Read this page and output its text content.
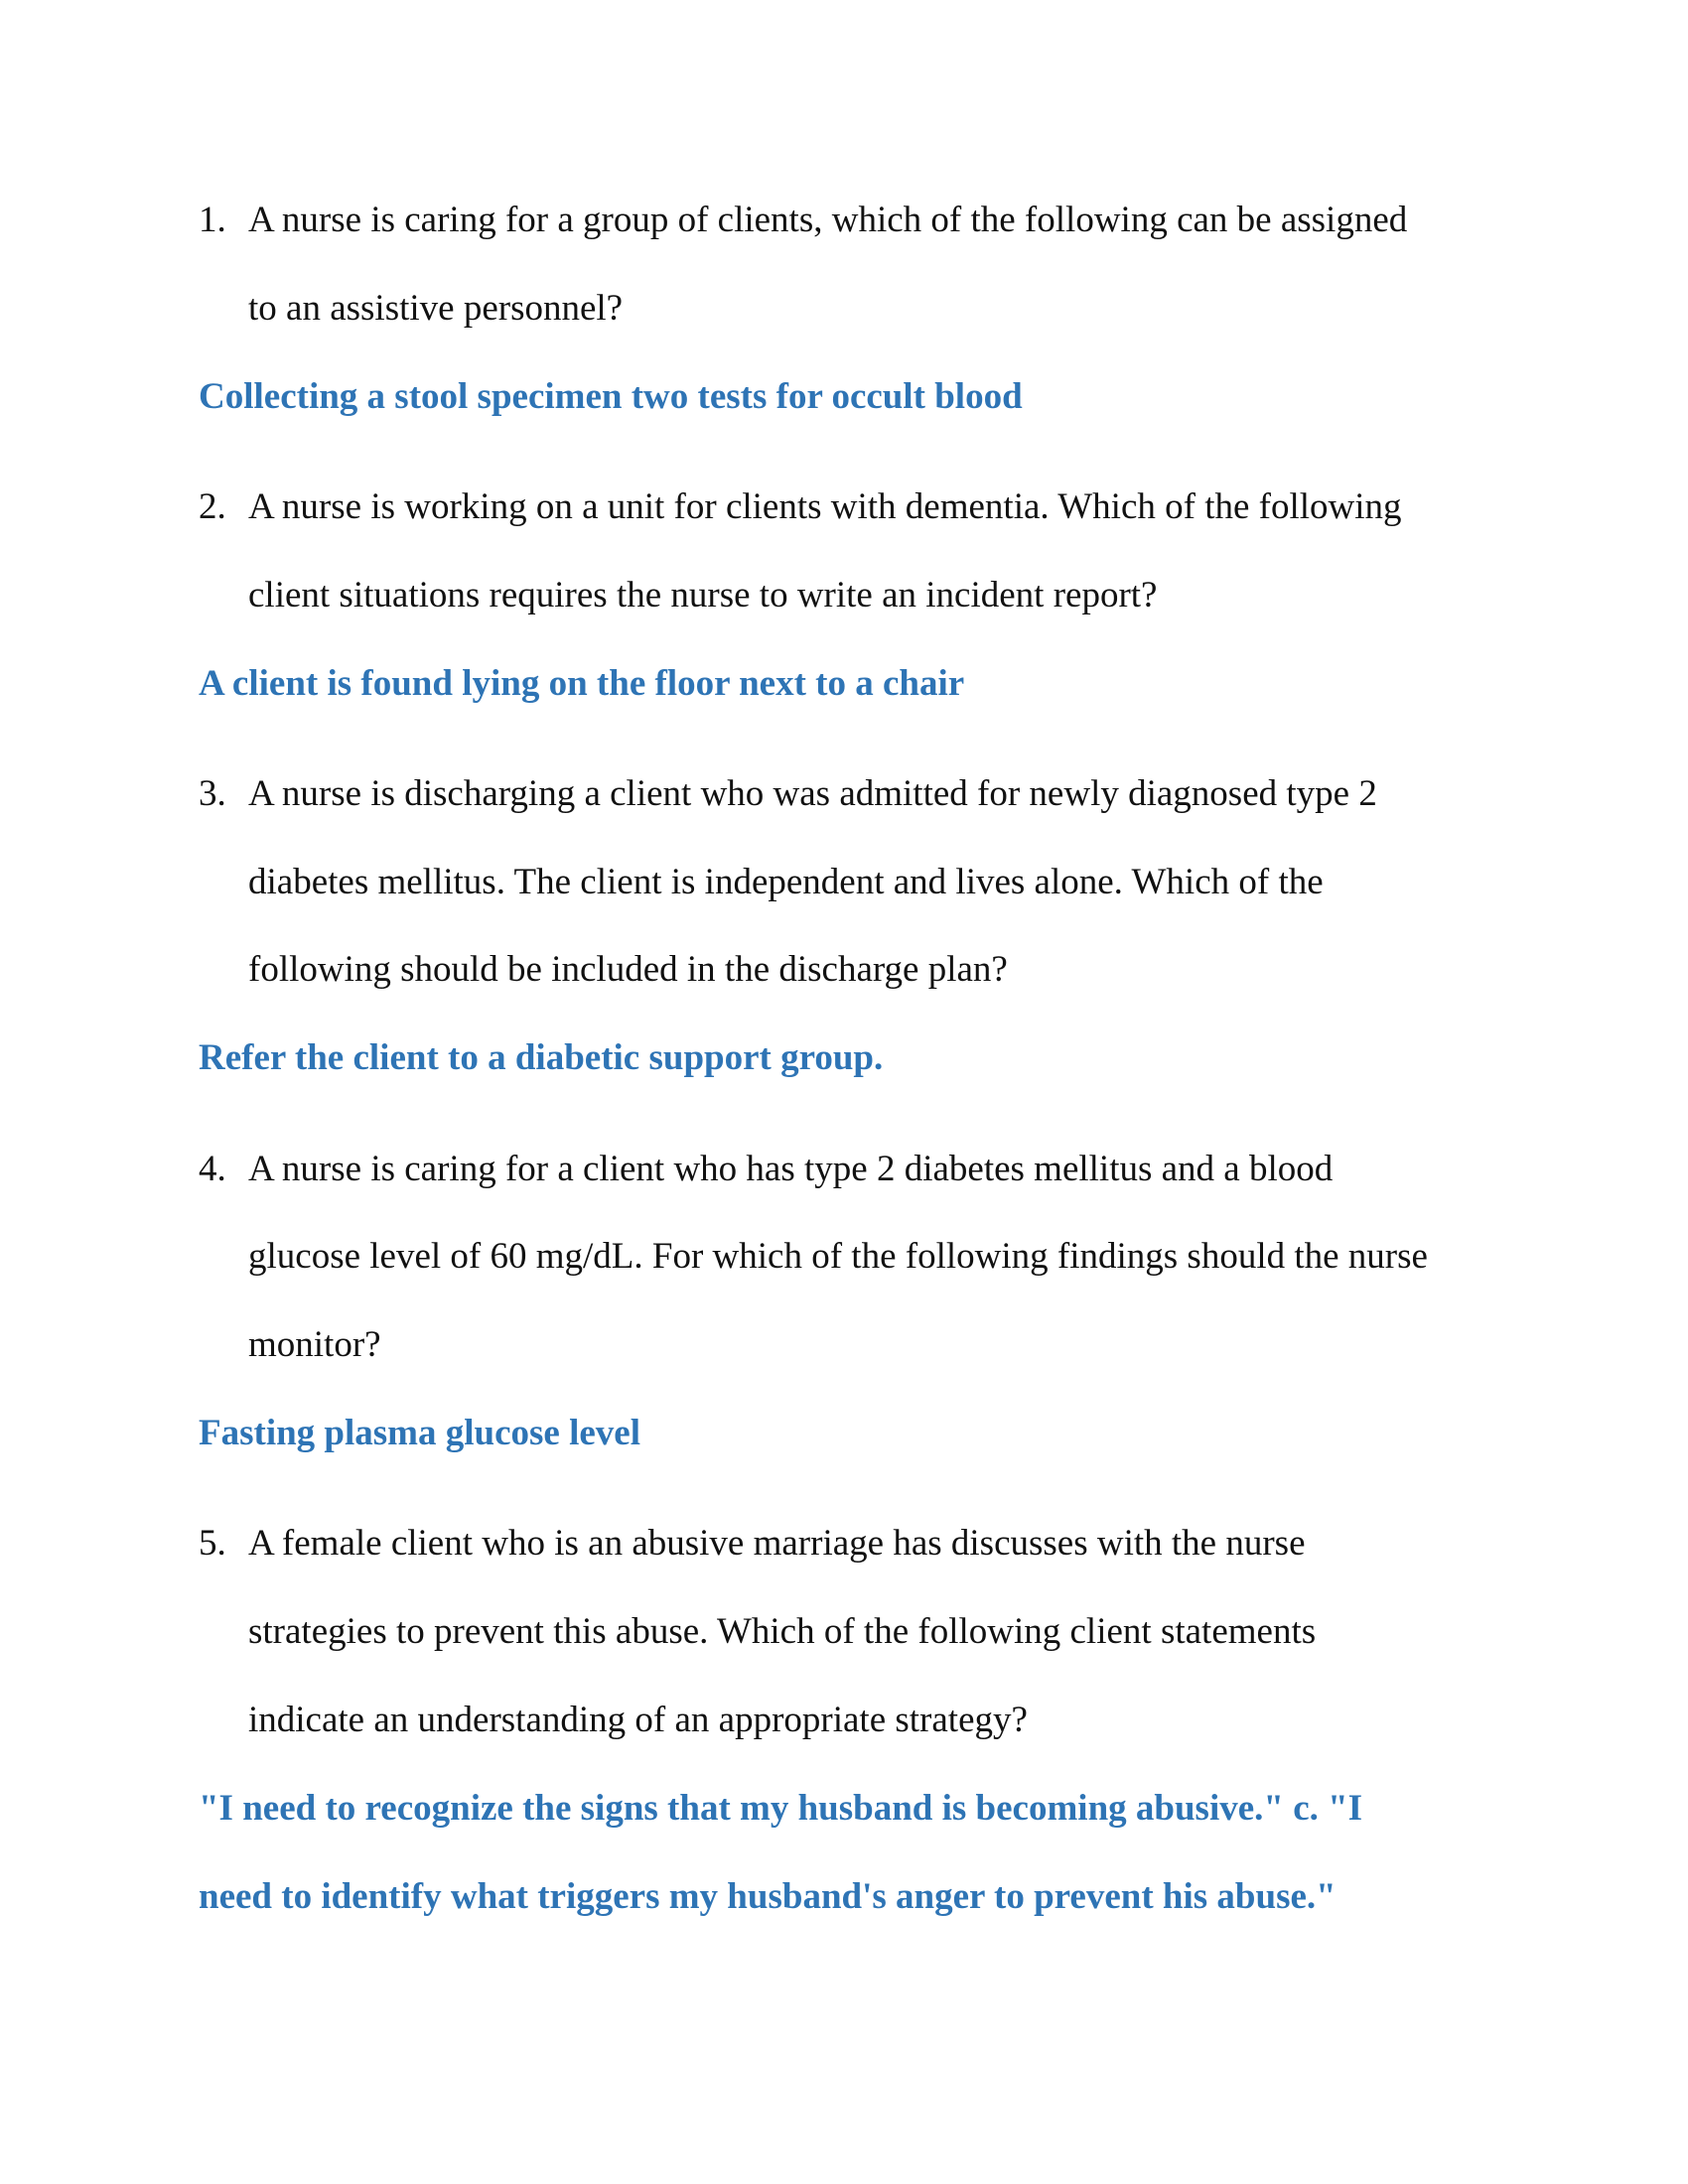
1. A nurse is caring for a group of clients, which of the following can be assigned
to an assistive personnel?
Collecting a stool specimen two tests for occult blood
2. A nurse is working on a unit for clients with dementia. Which of the following
client situations requires the nurse to write an incident report?
A client is found lying on the floor next to a chair
3. A nurse is discharging a client who was admitted for newly diagnosed type 2
diabetes mellitus. The client is independent and lives alone. Which of the
following should be included in the discharge plan?
Refer the client to a diabetic support group.
4. A nurse is caring for a client who has type 2 diabetes mellitus and a blood
glucose level of 60 mg/dL. For which of the following findings should the nurse
monitor?
Fasting plasma glucose level
5. A female client who is an abusive marriage has discusses with the nurse
strategies to prevent this abuse. Which of the following client statements
indicate an understanding of an appropriate strategy?
"I need to recognize the signs that my husband is becoming abusive." c. "I
need to identify what triggers my husband's anger to prevent his abuse."
